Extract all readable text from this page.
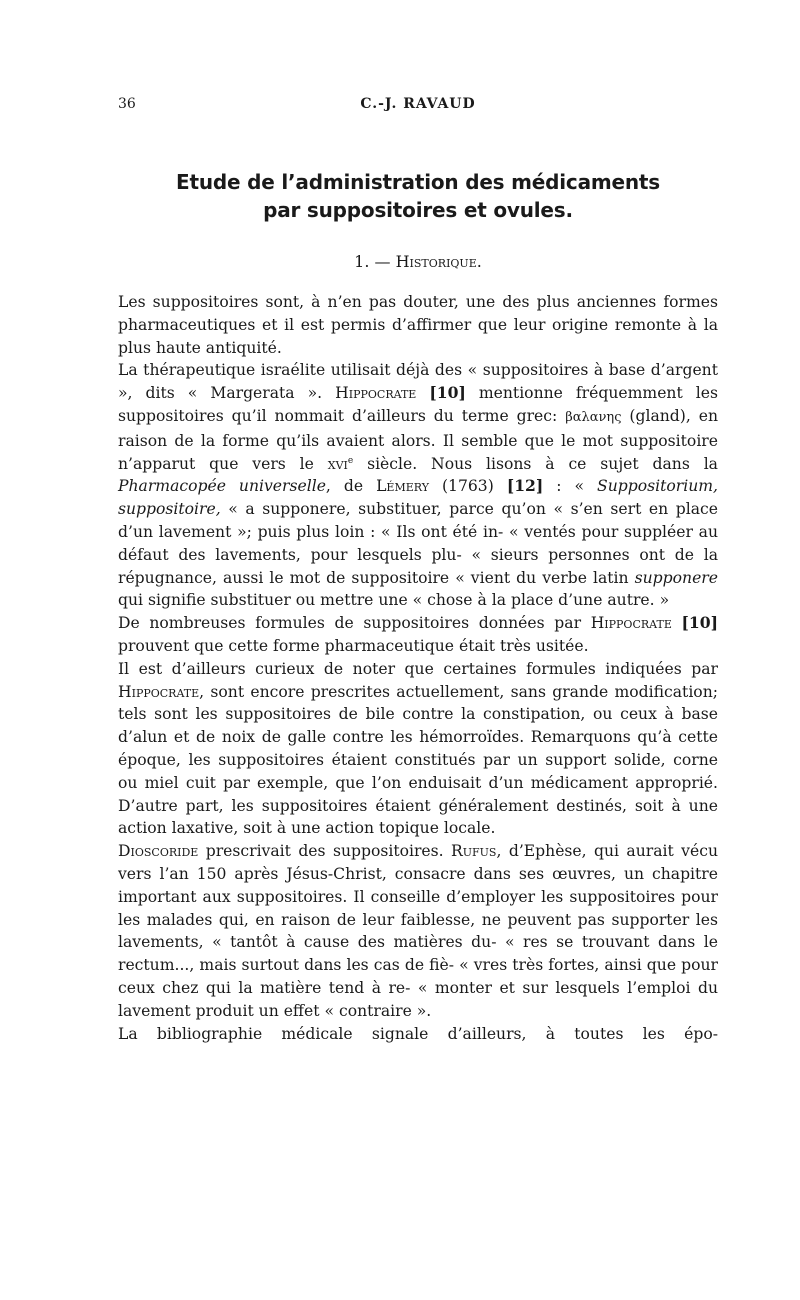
36	C.-J. RAVAUD
Etude de l’administration des médicaments
par suppositoires et ovules.
1. — Historique.

Les suppositoires sont, à n’en pas douter, une des plus anciennes formes pharmaceutiques et il est permis d’affirmer que leur origine remonte à la plus haute antiquité.

La thérapeutique israélite utilisait déjà des « suppositoires à base d’argent », dits « Margerata ». Hippocrate [10] mentionne fréquemment les suppositoires qu’il nommait d’ailleurs du terme grec: βαλανης (gland), en raison de la forme qu’ils avaient alors. Il semble que le mot suppositoire n’apparut que vers le xvi$^e$ siècle. Nous lisons à ce sujet dans la Pharmacopée universelle, de Lémery (1763) [12] : « Suppositorium, suppositoire, « a supponere, substituer, parce qu’on « s’en sert en place d’un lavement »; puis plus loin : « Ils ont été in- « ventés pour suppléer au défaut des lavements, pour lesquels plu- « sieurs personnes ont de la répugnance, aussi le mot de suppositoire « vient du verbe latin supponere qui signifie substituer ou mettre une « chose à la place d’une autre. »

De nombreuses formules de suppositoires données par Hippocrate [10] prouvent que cette forme pharmaceutique était très usitée.

Il est d’ailleurs curieux de noter que certaines formules indiquées par Hippocrate, sont encore prescrites actuellement, sans grande modification; tels sont les suppositoires de bile contre la constipation, ou ceux à base d’alun et de noix de galle contre les hémorroïdes. Remarquons qu’à cette époque, les suppositoires étaient constitués par un support solide, corne ou miel cuit par exemple, que l’on enduisait d’un médicament approprié. D’autre part, les suppositoires étaient généralement destinés, soit à une action laxative, soit à une action topique locale.

Dioscoride prescrivait des suppositoires. Rufus, d’Ephèse, qui aurait vécu vers l’an 150 après Jésus-Christ, consacre dans ses œuvres, un chapitre important aux suppositoires. Il conseille d’employer les suppositoires pour les malades qui, en raison de leur faiblesse, ne peuvent pas supporter les lavements, « tantôt à cause des matières du- « res se trouvant dans le rectum..., mais surtout dans les cas de fiè- « vres très fortes, ainsi que pour ceux chez qui la matière tend à re- « monter et sur lesquels l’emploi du lavement produit un effet « contraire ».

La bibliographie médicale signale d’ailleurs, à toutes les épo-
